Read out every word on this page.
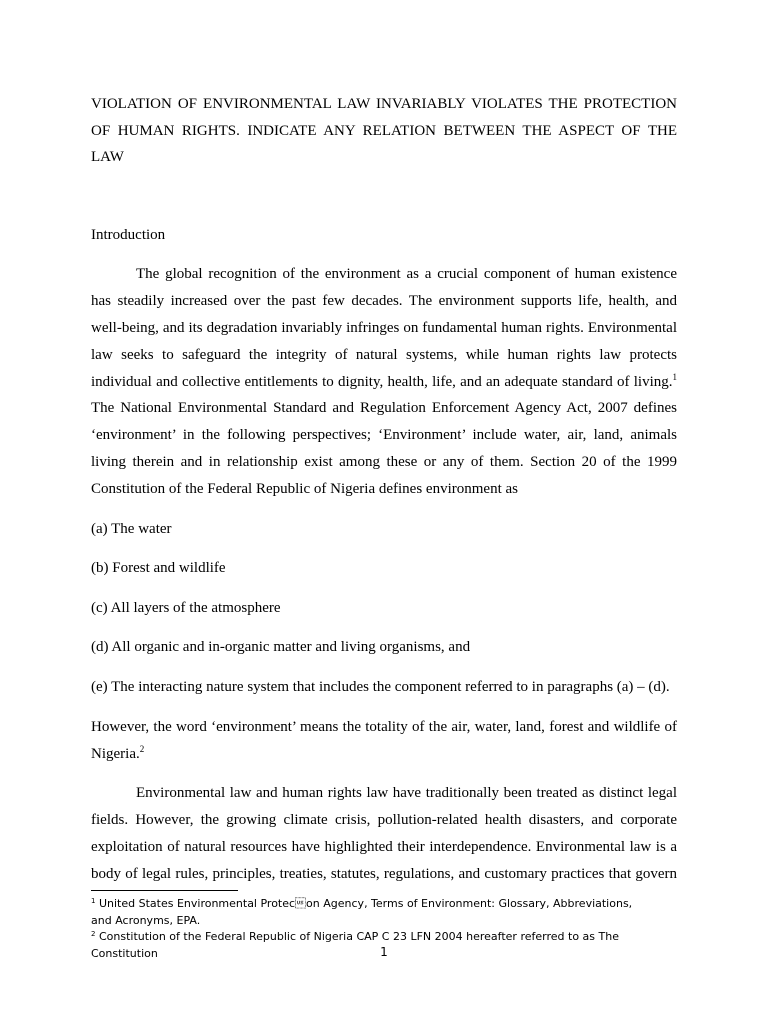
VIOLATION OF ENVIRONMENTAL LAW INVARIABLY VIOLATES THE PROTECTION
OF HUMAN RIGHTS. INDICATE ANY RELATION BETWEEN THE ASPECT OF THE
LAW
Introduction
The global recognition of the environment as a crucial component of human existence
has steadily increased over the past few decades. The environment supports life, health, and
well-being, and its degradation invariably infringes on fundamental human rights. Environmental
law seeks to safeguard the integrity of natural systems, while human rights law protects
individual and collective entitlements to dignity, health, life, and an adequate standard of living.$^1$
The National Environmental Standard and Regulation Enforcement Agency Act, 2007 defines
‘environment’ in the following perspectives; ‘Environment’ include water, air, land, animals
living therein and in relationship exist among these or any of them. Section 20 of the 1999
Constitution of the Federal Republic of Nigeria defines environment as
(a) The water
(b) Forest and wildlife
(c) All layers of the atmosphere
(d) All organic and in-organic matter and living organisms, and
(e) The interacting nature system that includes the component referred to in paragraphs (a) – (d).
However, the word ‘environment’ means the totality of the air, water, land, forest and wildlife of
Nigeria.$^2$
Environmental law and human rights law have traditionally been treated as distinct legal
fields. However, the growing climate crisis, pollution-related health disasters, and corporate
exploitation of natural resources have highlighted their interdependence. Environmental law is a
body of legal rules, principles, treaties, statutes, regulations, and customary practices that govern
$^1$ United States Environmental Protecon Agency, Terms of Environment: Glossary, Abbreviations, and Acronyms, EPA.
$^2$ Constitution of the Federal Republic of Nigeria CAP C 23 LFN 2004 hereafter referred to as The Constitution	1
